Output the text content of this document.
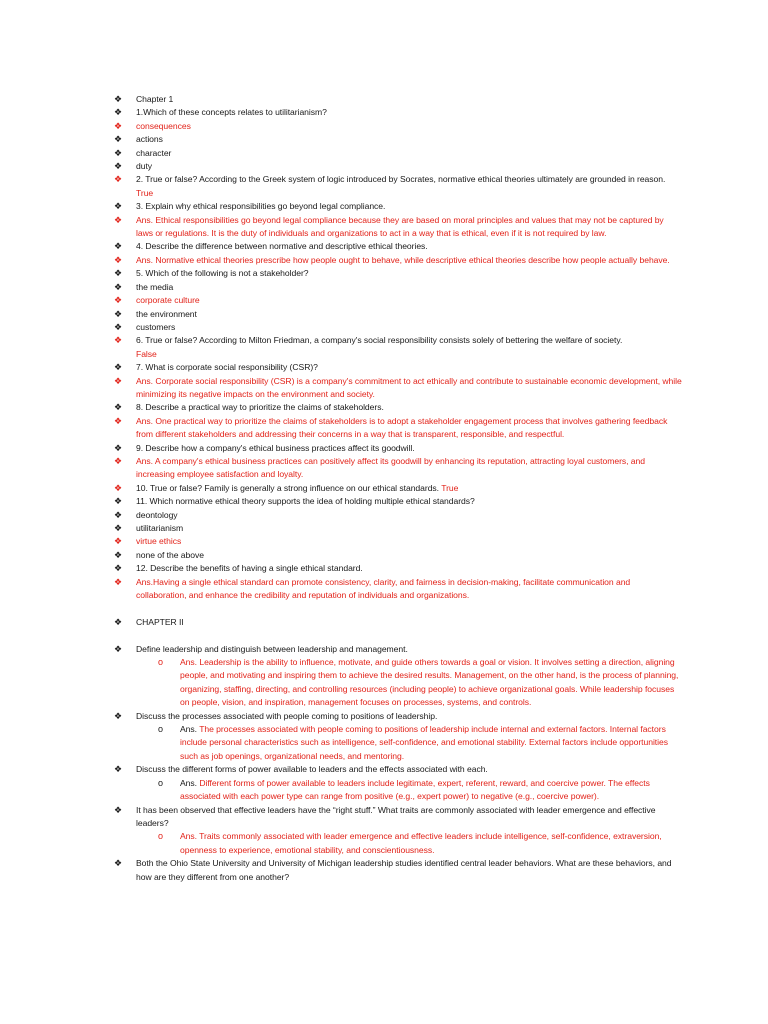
❖ Chapter 1
❖ 1.Which of these concepts relates to utilitarianism?
❖ consequences
❖ actions
❖ character
❖ duty
❖ 2. True or false? According to the Greek system of logic introduced by Socrates, normative ethical theories ultimately are grounded in reason. True
❖ 3. Explain why ethical responsibilities go beyond legal compliance.
❖ Ans. Ethical responsibilities go beyond legal compliance because they are based on moral principles and values that may not be captured by laws or regulations. It is the duty of individuals and organizations to act in a way that is ethical, even if it is not required by law.
❖ 4. Describe the difference between normative and descriptive ethical theories.
❖ Ans. Normative ethical theories prescribe how people ought to behave, while descriptive ethical theories describe how people actually behave.
❖ 5. Which of the following is not a stakeholder?
❖ the media
❖ corporate culture
❖ the environment
❖ customers
❖ 6. True or false? According to Milton Friedman, a company's social responsibility consists solely of bettering the welfare of society.
False
❖ 7. What is corporate social responsibility (CSR)?
❖ Ans. Corporate social responsibility (CSR) is a company's commitment to act ethically and contribute to sustainable economic development, while minimizing its negative impacts on the environment and society.
❖ 8. Describe a practical way to prioritize the claims of stakeholders.
❖ Ans. One practical way to prioritize the claims of stakeholders is to adopt a stakeholder engagement process that involves gathering feedback from different stakeholders and addressing their concerns in a way that is transparent, responsible, and respectful.
❖ 9. Describe how a company's ethical business practices affect its goodwill.
❖ Ans. A company's ethical business practices can positively affect its goodwill by enhancing its reputation, attracting loyal customers, and increasing employee satisfaction and loyalty.
❖ 10. True or false? Family is generally a strong influence on our ethical standards. True
❖ 11. Which normative ethical theory supports the idea of holding multiple ethical standards?
❖ deontology
❖ utilitarianism
❖ virtue ethics
❖ none of the above
❖ 12. Describe the benefits of having a single ethical standard.
❖ Ans.Having a single ethical standard can promote consistency, clarity, and fairness in decision-making, facilitate communication and collaboration, and enhance the credibility and reputation of individuals and organizations.
❖ CHAPTER II
❖ Define leadership and distinguish between leadership and management.
o Ans. Leadership is the ability to influence, motivate, and guide others towards a goal or vision. It involves setting a direction, aligning people, and motivating and inspiring them to achieve the desired results. Management, on the other hand, is the process of planning, organizing, staffing, directing, and controlling resources (including people) to achieve organizational goals. While leadership focuses on people, vision, and inspiration, management focuses on processes, systems, and controls.
❖ Discuss the processes associated with people coming to positions of leadership.
o Ans. The processes associated with people coming to positions of leadership include internal and external factors. Internal factors include personal characteristics such as intelligence, self-confidence, and emotional stability. External factors include opportunities such as job openings, organizational needs, and mentoring.
❖ Discuss the different forms of power available to leaders and the effects associated with each.
o Ans. Different forms of power available to leaders include legitimate, expert, referent, reward, and coercive power. The effects associated with each power type can range from positive (e.g., expert power) to negative (e.g., coercive power).
❖ It has been observed that effective leaders have the “right stuff.” What traits are commonly associated with leader emergence and effective leaders?
o Ans. Traits commonly associated with leader emergence and effective leaders include intelligence, self-confidence, extraversion, openness to experience, emotional stability, and conscientiousness.
❖ Both the Ohio State University and University of Michigan leadership studies identified central leader behaviors. What are these behaviors, and how are they different from one another?
